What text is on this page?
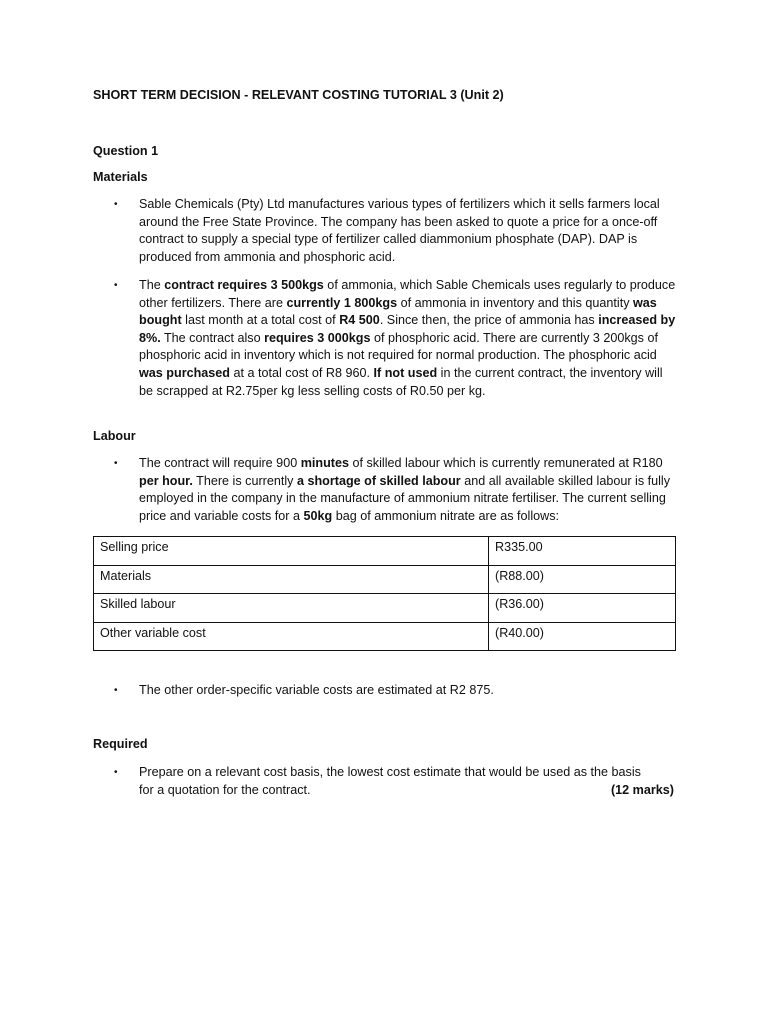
SHORT TERM DECISION - RELEVANT COSTING TUTORIAL 3 (Unit 2)
Question 1
Materials
•	Sable Chemicals (Pty) Ltd manufactures various types of fertilizers which it sells farmers local around the Free State Province. The company has been asked to quote a price for a once-off contract to supply a special type of fertilizer called diammonium phosphate (DAP). DAP is produced from ammonia and phosphoric acid.
•	The contract requires 3 500kgs of ammonia, which Sable Chemicals uses regularly to produce other fertilizers. There are currently 1 800kgs of ammonia in inventory and this quantity was bought last month at a total cost of R4 500. Since then, the price of ammonia has increased by 8%. The contract also requires 3 000kgs of phosphoric acid. There are currently 3 200kgs of phosphoric acid in inventory which is not required for normal production. The phosphoric acid was purchased at a total cost of R8 960. If not used in the current contract, the inventory will be scrapped at R2.75per kg less selling costs of R0.50 per kg.
Labour
•	The contract will require 900 minutes of skilled labour which is currently remunerated at R180 per hour. There is currently a shortage of skilled labour and all available skilled labour is fully employed in the company in the manufacture of ammonium nitrate fertiliser. The current selling price and variable costs for a 50kg bag of ammonium nitrate are as follows:
Selling price	R335.00
Materials	(R88.00)
Skilled labour	(R36.00)
Other variable cost	(R40.00)
•	The other order-specific variable costs are estimated at R2 875.
Required
•	Prepare on a relevant cost basis, the lowest cost estimate that would be used as the basis
for a quotation for the contract.	(12 marks)
